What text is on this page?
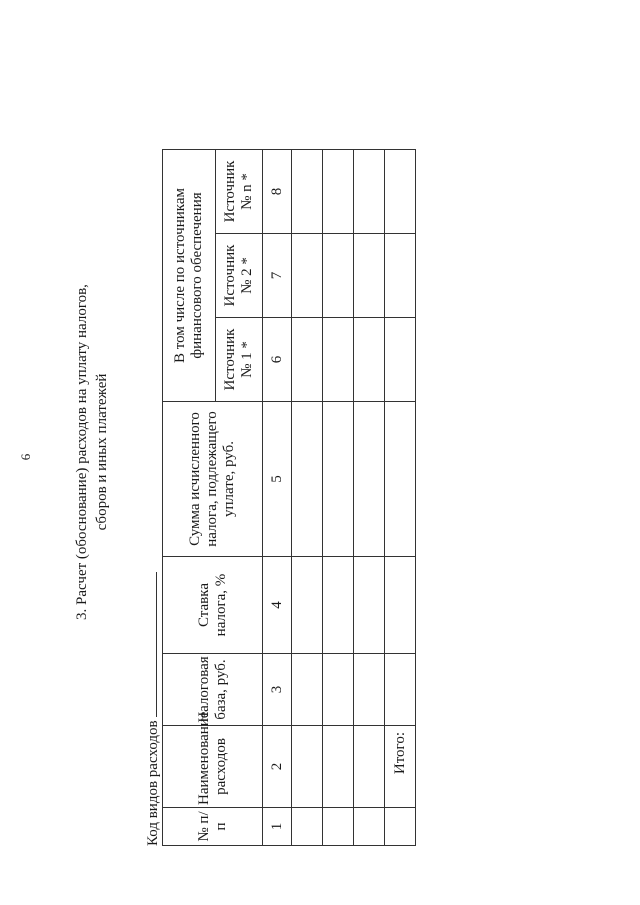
6	3. Расчет (обоснование) расходов на уплату налогов, сборов и иных платежей
Код видов расходов № п/п	Наименование расходов	Налоговая база, руб.	Ставка налога, %	Сумма исчисленного налога, подлежащего уплате, руб.	В том числе по источникам финансового обеспечения		
					Источник № 1 *	Источник № 2 *	Источник № n *
1	2	3	4	5	6	7	8

	Итого:						
